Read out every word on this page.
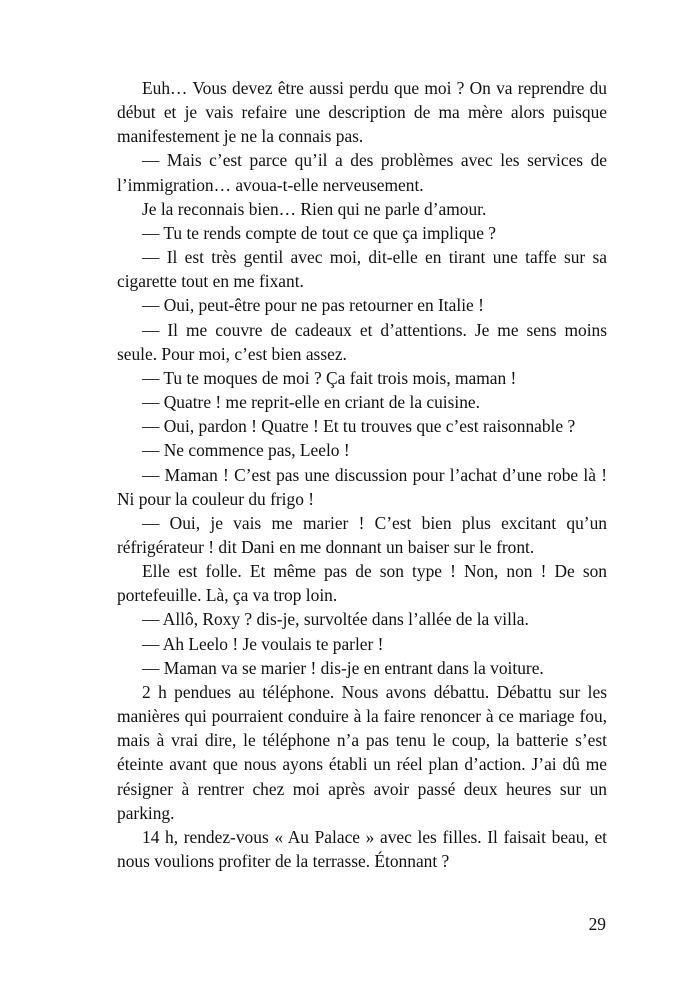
Euh… Vous devez être aussi perdu que moi ? On va reprendre du début et je vais refaire une description de ma mère alors puisque manifestement je ne la connais pas.

— Mais c’est parce qu’il a des problèmes avec les services de l’immigration… avoua-t-elle nerveusement.

Je la reconnais bien… Rien qui ne parle d’amour.

— Tu te rends compte de tout ce que ça implique ?

— Il est très gentil avec moi, dit-elle en tirant une taffe sur sa cigarette tout en me fixant.

— Oui, peut-être pour ne pas retourner en Italie !

— Il me couvre de cadeaux et d’attentions. Je me sens moins seule. Pour moi, c’est bien assez.

— Tu te moques de moi ? Ça fait trois mois, maman !

— Quatre ! me reprit-elle en criant de la cuisine.

— Oui, pardon ! Quatre ! Et tu trouves que c’est raisonnable ?

— Ne commence pas, Leelo !

— Maman ! C’est pas une discussion pour l’achat d’une robe là ! Ni pour la couleur du frigo !

— Oui, je vais me marier ! C’est bien plus excitant qu’un réfrigérateur ! dit Dani en me donnant un baiser sur le front.

Elle est folle. Et même pas de son type ! Non, non ! De son portefeuille. Là, ça va trop loin.

— Allô, Roxy ? dis-je, survoltée dans l’allée de la villa.

— Ah Leelo ! Je voulais te parler !

— Maman va se marier ! dis-je en entrant dans la voiture.

2 h pendues au téléphone. Nous avons débattu. Débattu sur les manières qui pourraient conduire à la faire renoncer à ce mariage fou, mais à vrai dire, le téléphone n’a pas tenu le coup, la batterie s’est éteinte avant que nous ayons établi un réel plan d’action. J’ai dû me résigner à rentrer chez moi après avoir passé deux heures sur un parking.

14 h, rendez-vous « Au Palace » avec les filles. Il faisait beau, et nous voulions profiter de la terrasse. Étonnant ?

29
